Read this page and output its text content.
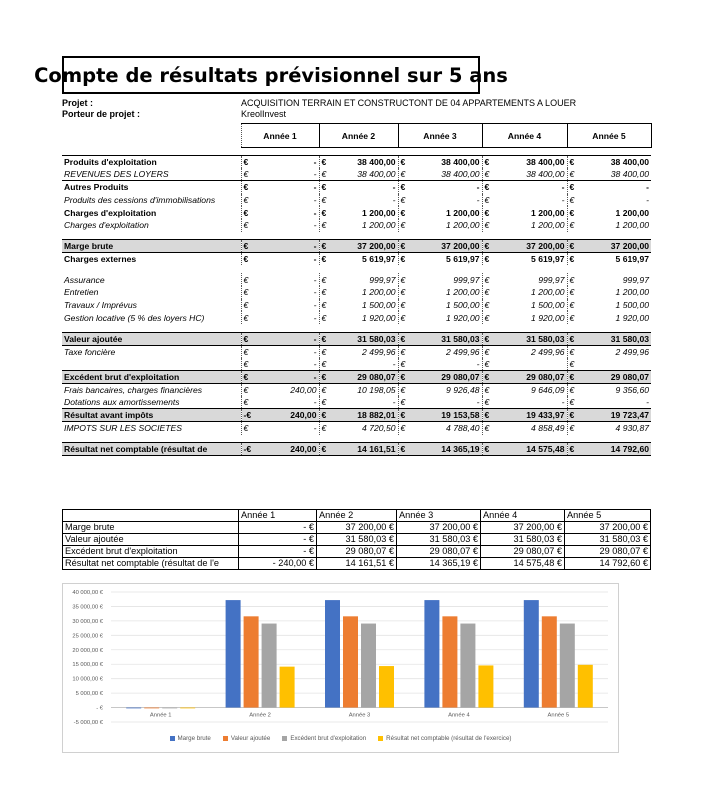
Compte de résultats prévisionnel sur 5 ans
Projet :	ACQUISITION TERRAIN ET CONSTRUCTONT DE 04 APPARTEMENTS A LOUER
Porteur de projet :	KreolInvest
	Année 1		Année 2		Année 3		Année 4		Année 5	

Produits d'exploitation	€	-	€	38 400,00	€	38 400,00	€	38 400,00	€	38 400,00
REVENUES DES LOYERS	€	-	€	38 400,00	€	38 400,00	€	38 400,00	€	38 400,00
Autres Produits	€	-	€	-	€	-	€	-	€	-
Produits des cessions d'immobilisations	€	-	€	-	€	-	€	-	€	-
Charges d'exploitation	€	-	€	1 200,00	€	1 200,00	€	1 200,00	€	1 200,00
Charges d'exploitation	€	-	€	1 200,00	€	1 200,00	€	1 200,00	€	1 200,00

Marge brute	€	-	€	37 200,00	€	37 200,00	€	37 200,00	€	37 200,00
Charges externes	€	-	€	5 619,97	€	5 619,97	€	5 619,97	€	5 619,97

Assurance	€	-	€	999,97	€	999,97	€	999,97	€	999,97
Entretien	€	-	€	1 200,00	€	1 200,00	€	1 200,00	€	1 200,00
Travaux / Imprévus	€	-	€	1 500,00	€	1 500,00	€	1 500,00	€	1 500,00
Gestion locative (5 % des loyers HC)	€	-	€	1 920,00	€	1 920,00	€	1 920,00	€	1 920,00

Valeur ajoutée	€	-	€	31 580,03	€	31 580,03	€	31 580,03	€	31 580,03
Taxe foncière	€	-	€	2 499,96	€	2 499,96	€	2 499,96	€	2 499,96
	€	-	€	-	€	-	€		€	
Excédent brut d'exploitation	€	-	€	29 080,07	€	29 080,07	€	29 080,07	€	29 080,07
Frais bancaires, charges financières	€	240,00	€	10 198,05	€	9 926,48	€	9 646,09	€	9 356,60
Dotations aux amortissements	€	-	€	-	€	-	€	-	€	-
Résultat avant impôts	-€	240,00	€	18 882,01	€	19 153,58	€	19 433,97	€	19 723,47
IMPOTS SUR LES SOCIETES	€	-	€	4 720,50	€	4 788,40	€	4 858,49	€	4 930,87

Résultat net comptable (résultat de	-€	240,00	€	14 161,51	€	14 365,19	€	14 575,48	€	14 792,60
	Année 1	Année 2	Année 3	Année 4	Année 5
Marge brute	- €	37 200,00 €	37 200,00 €	37 200,00 €	37 200,00 €
Valeur ajoutée	- €	31 580,03 €	31 580,03 €	31 580,03 €	31 580,03 €
Excédent brut d'exploitation	- €	29 080,07 €	29 080,07 €	29 080,07 €	29 080,07 €
Résultat net comptable (résultat de l'e	- 240,00 €	14 161,51 €	14 365,19 €	14 575,48 €	14 792,60 €
-5 000,00 €
- €
5 000,00 €
10 000,00 €
15 000,00 €
20 000,00 €
25 000,00 €
30 000,00 €
35 000,00 €
40 000,00 €
Année 1	Année 2	Année 3	Année 4	Année 5
Marge brute	Valeur ajoutée	Excédent brut d'exploitation	Résultat net comptable (résultat de l'exercice)
